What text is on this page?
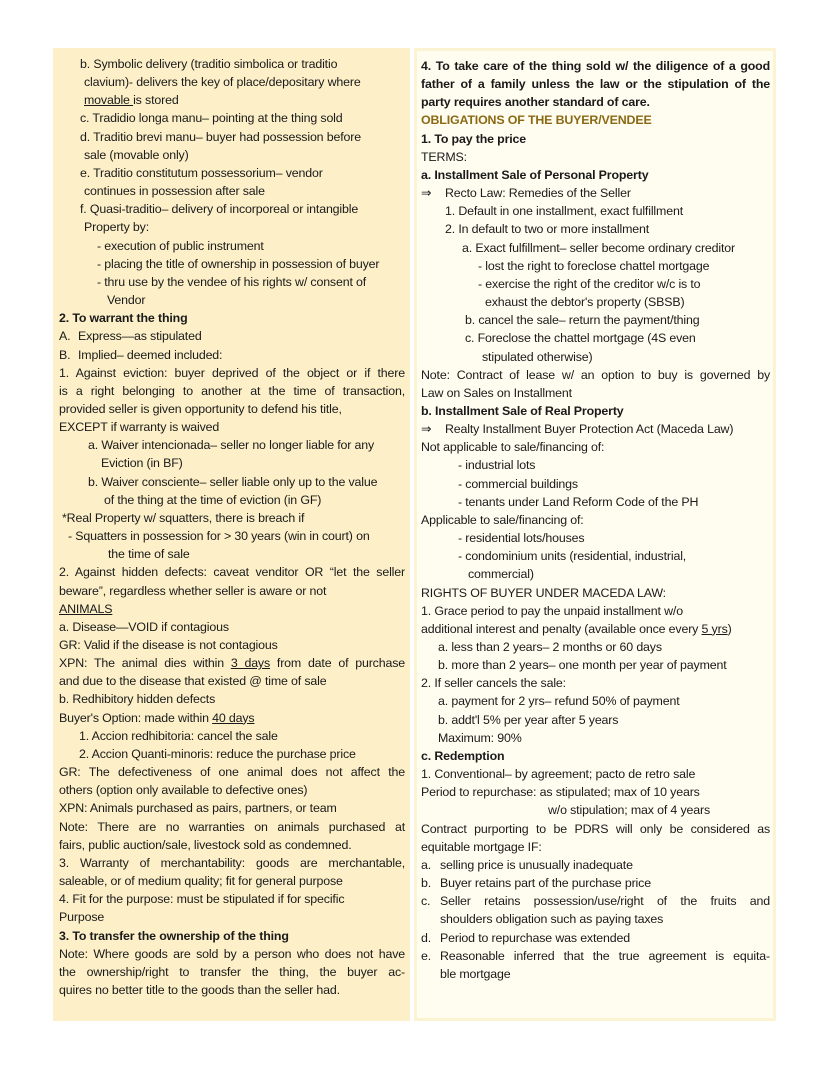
b. Symbolic delivery (traditio simbolica or traditio
clavium)- delivers the key of place/depositary where
movable is stored
c. Tradidio longa manu– pointing at the thing sold
d. Traditio brevi manu– buyer had possession before
sale (movable only)
e. Traditio constitutum possessorium– vendor
continues in possession after sale
f. Quasi-traditio– delivery of incorporeal or intangible
Property by:
- execution of public instrument
- placing the title of ownership in possession of buyer
- thru use by the vendee of his rights w/ consent of
Vendor
2. To warrant the thing
A. Express—as stipulated
B. Implied– deemed included:
1. Against eviction: buyer deprived of the object or if there
is a right belonging to another at the time of transaction,
provided seller is given opportunity to defend his title,
EXCEPT if warranty is waived
a. Waiver intencionada– seller no longer liable for any
Eviction (in BF)
b. Waiver consciente– seller liable only up to the value
of the thing at the time of eviction (in GF)
*Real Property w/ squatters, there is breach if
- Squatters in possession for > 30 years (win in court) on
the time of sale
2. Against hidden defects: caveat venditor OR “let the seller
beware”, regardless whether seller is aware or not
ANIMALS
a. Disease—VOID if contagious
GR: Valid if the disease is not contagious
XPN: The animal dies within 3 days from date of purchase
and due to the disease that existed @ time of sale
b. Redhibitory hidden defects
Buyer's Option: made within 40 days
1. Accion redhibitoria: cancel the sale
2. Accion Quanti-minoris: reduce the purchase price
GR: The defectiveness of one animal does not affect the
others (option only available to defective ones)
XPN: Animals purchased as pairs, partners, or team
Note: There are no warranties on animals purchased at
fairs, public auction/sale, livestock sold as condemned.
3. Warranty of merchantability: goods are merchantable,
saleable, or of medium quality; fit for general purpose
4. Fit for the purpose: must be stipulated if for specific
Purpose
3. To transfer the ownership of the thing
Note: Where goods are sold by a person who does not have
the ownership/right to transfer the thing, the buyer ac-
quires no better title to the goods than the seller had.
4. To take care of the thing sold w/ the diligence of a good
father of a family unless the law or the stipulation of the
party requires another standard of care.
OBLIGATIONS OF THE BUYER/VENDEE
1. To pay the price
TERMS:
a. Installment Sale of Personal Property
⇒ Recto Law: Remedies of the Seller
1. Default in one installment, exact fulfillment
2. In default to two or more installment
a. Exact fulfillment– seller become ordinary creditor
- lost the right to foreclose chattel mortgage
- exercise the right of the creditor w/c is to
exhaust the debtor's property (SBSB)
b. cancel the sale– return the payment/thing
c. Foreclose the chattel mortgage (4S even
stipulated otherwise)
Note: Contract of lease w/ an option to buy is governed by
Law on Sales on Installment
b. Installment Sale of Real Property
⇒ Realty Installment Buyer Protection Act (Maceda Law)
Not applicable to sale/financing of:
- industrial lots
- commercial buildings
- tenants under Land Reform Code of the PH
Applicable to sale/financing of:
- residential lots/houses
- condominium units (residential, industrial,
commercial)
RIGHTS OF BUYER UNDER MACEDA LAW:
1. Grace period to pay the unpaid installment w/o
additional interest and penalty (available once every 5 yrs)
a. less than 2 years– 2 months or 60 days
b. more than 2 years– one month per year of payment
2. If seller cancels the sale:
a. payment for 2 yrs– refund 50% of payment
b. addt'l 5% per year after 5 years
Maximum: 90%
c. Redemption
1. Conventional– by agreement; pacto de retro sale
Period to repurchase: as stipulated; max of 10 years
w/o stipulation; max of 4 years
Contract purporting to be PDRS will only be considered as
equitable mortgage IF:
a. selling price is unusually inadequate
b. Buyer retains part of the purchase price
c. Seller retains possession/use/right of the fruits and
shoulders obligation such as paying taxes
d. Period to repurchase was extended
e. Reasonable inferred that the true agreement is equita-
ble mortgage
